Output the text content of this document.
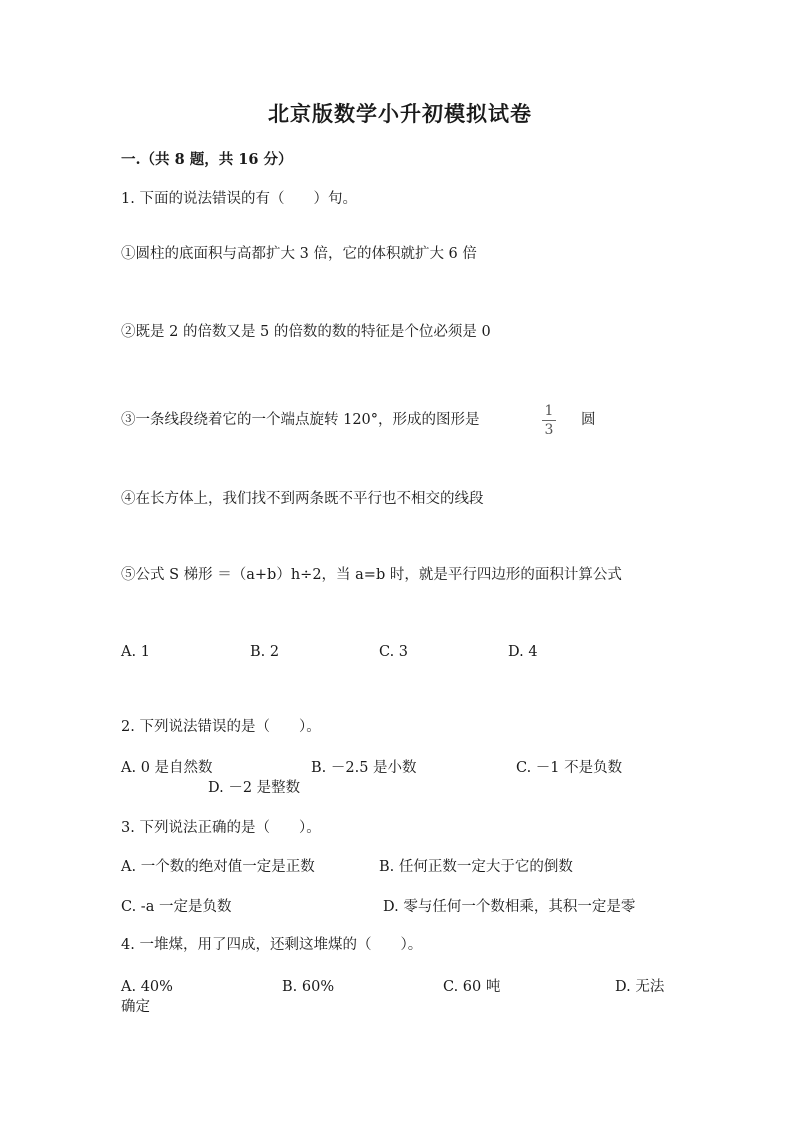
北京版数学小升初模拟试卷
一.（共 8 题，共 16 分）
1. 下面的说法错误的有（　　）句。
①圆柱的底面积与高都扩大 3 倍，它的体积就扩大 6 倍
②既是 2 的倍数又是 5 的倍数的数的特征是个位必须是 0
③一条线段绕着它的一个端点旋转 120°，形成的图形是
1
3
圆
④在长方体上，我们找不到两条既不平行也不相交的线段
⑤公式 S 梯形 ＝（a+b）h÷2，当 a=b 时，就是平行四边形的面积计算公式
A. 1	B. 2	C. 3	D. 4
2. 下列说法错误的是（　　）。
A. 0 是自然数	B. －2.5 是小数	C. －1 不是负数
D. －2 是整数
3. 下列说法正确的是（　　）。
A. 一个数的绝对值一定是正数	B. 任何正数一定大于它的倒数
C. -a 一定是负数	D. 零与任何一个数相乘，其积一定是零
4. 一堆煤，用了四成，还剩这堆煤的（　　）。
A. 40%	B. 60%	C. 60 吨	D. 无法
确定
